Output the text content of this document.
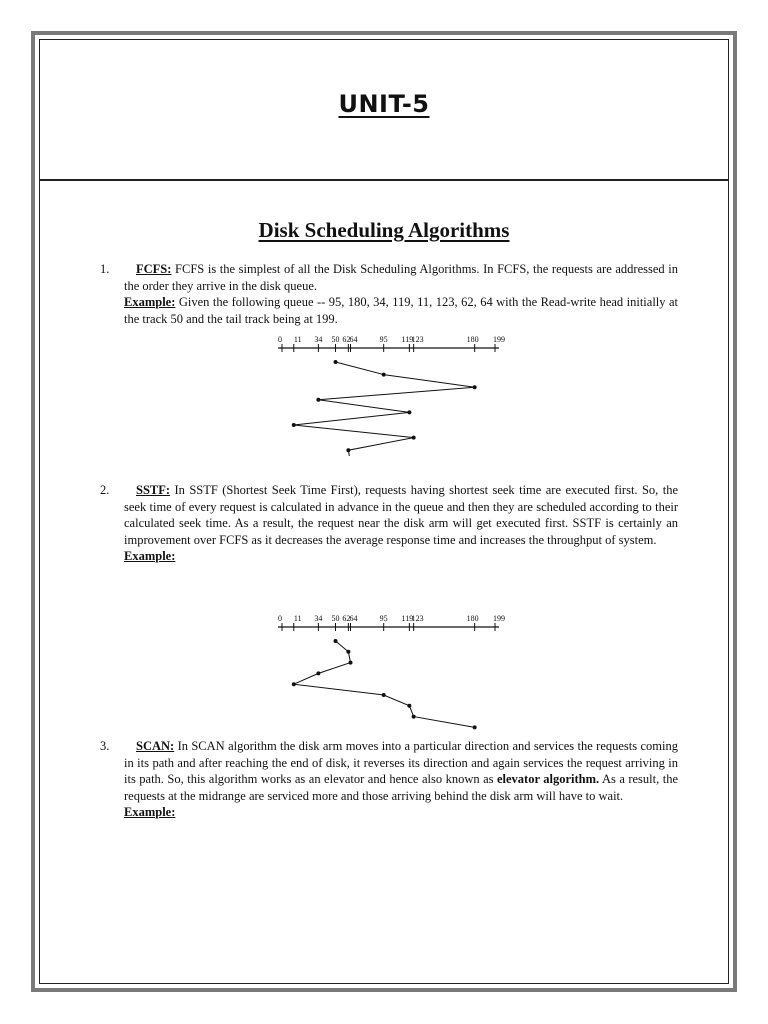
UNIT-5
Disk Scheduling Algorithms
1.	FCFS: FCFS is the simplest of all the Disk Scheduling Algorithms. In FCFS, the requests are addressed in the order they arrive in the disk queue.
Example: Given the following queue -- 95, 180, 34, 119, 11, 123, 62, 64 with the Read-write head initially at the track 50 and the tail track being at 199.
0 11 34 50 62 64	95 119
123	180 199
2.	SSTF: In SSTF (Shortest Seek Time First), requests having shortest seek time are executed first. So, the seek time of every request is calculated in advance in the queue and then they are scheduled according to their calculated seek time. As a result, the request near the disk arm will get executed first. SSTF is certainly an improvement over FCFS as it decreases the average response time and increases the throughput of system.
Example:
0 11 34 50 62 64	95 119
123	180 199
3.	SCAN: In SCAN algorithm the disk arm moves into a particular direction and services the requests coming in its path and after reaching the end of disk, it reverses its direction and again services the request arriving in its path. So, this algorithm works as an elevator and hence also known as elevator algorithm. As a result, the requests at the midrange are serviced more and those arriving behind the disk arm will have to wait.
Example:
